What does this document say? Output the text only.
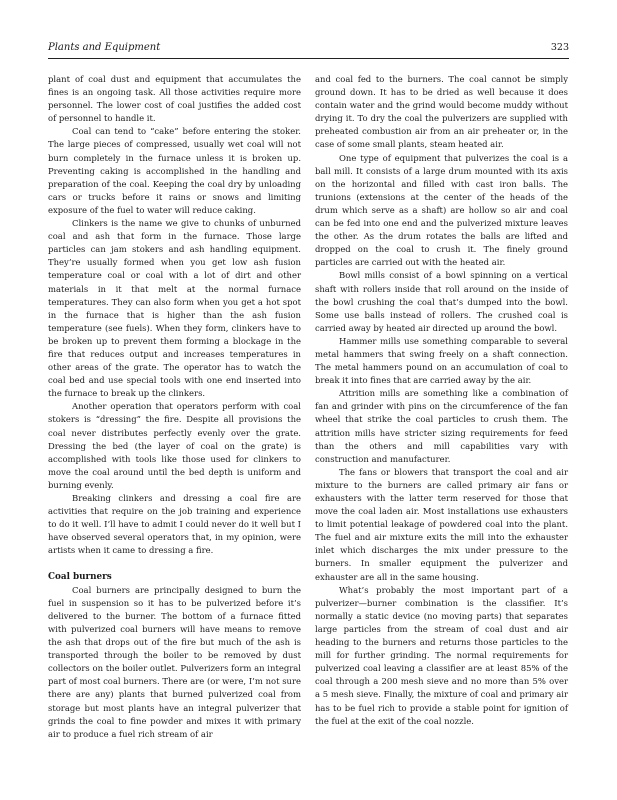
Plants and Equipment	323

plant of coal dust and equipment that accumulates the fines is an ongoing task. All those activities require more personnel. The lower cost of coal justifies the added cost of personnel to handle it.

Coal can tend to “cake” before entering the stoker. The large pieces of compressed, usually wet coal will not burn completely in the furnace unless it is broken up. Preventing caking is accomplished in the handling and preparation of the coal. Keeping the coal dry by unloading cars or trucks before it rains or snows and limiting exposure of the fuel to water will reduce caking.

Clinkers is the name we give to chunks of unburned coal and ash that form in the furnace. Those large particles can jam stokers and ash handling equipment. They’re usually formed when you get low ash fusion temperature coal or coal with a lot of dirt and other materials in it that melt at the normal furnace temperatures. They can also form when you get a hot spot in the furnace that is higher than the ash fusion temperature (see fuels). When they form, clinkers have to be broken up to prevent them forming a blockage in the fire that reduces output and increases temperatures in other areas of the grate. The operator has to watch the coal bed and use special tools with one end inserted into the furnace to break up the clinkers.

Another operation that operators perform with coal stokers is “dressing” the fire. Despite all provisions the coal never distributes perfectly evenly over the grate. Dressing the bed (the layer of coal on the grate) is accomplished with tools like those used for clinkers to move the coal around until the bed depth is uniform and burning evenly.

Breaking clinkers and dressing a coal fire are activities that require on the job training and experience to do it well. I’ll have to admit I could never do it well but I have observed several operators that, in my opinion, were artists when it came to dressing a fire.

Coal burners

Coal burners are principally designed to burn the fuel in suspension so it has to be pulverized before it’s delivered to the burner. The bottom of a furnace fitted with pulverized coal burners will have means to remove the ash that drops out of the fire but much of the ash is transported through the boiler to be removed by dust collectors on the boiler outlet. Pulverizers form an integral part of most coal burners. There are (or were, I’m not sure there are any) plants that burned pulverized coal from storage but most plants have an integral pulverizer that grinds the coal to fine powder and mixes it with primary air to produce a fuel rich stream of air

and coal fed to the burners. The coal cannot be simply ground down. It has to be dried as well because it does contain water and the grind would become muddy without drying it. To dry the coal the pulverizers are supplied with preheated combustion air from an air preheater or, in the case of some small plants, steam heated air.

One type of equipment that pulverizes the coal is a ball mill. It consists of a large drum mounted with its axis on the horizontal and filled with cast iron balls. The trunions (extensions at the center of the heads of the drum which serve as a shaft) are hollow so air and coal can be fed into one end and the pulverized mixture leaves the other. As the drum rotates the balls are lifted and dropped on the coal to crush it. The finely ground particles are carried out with the heated air.

Bowl mills consist of a bowl spinning on a vertical shaft with rollers inside that roll around on the inside of the bowl crushing the coal that’s dumped into the bowl. Some use balls instead of rollers. The crushed coal is carried away by heated air directed up around the bowl.

Hammer mills use something comparable to several metal hammers that swing freely on a shaft connection. The metal hammers pound on an accumulation of coal to break it into fines that are carried away by the air.

Attrition mills are something like a combination of fan and grinder with pins on the circumference of the fan wheel that strike the coal particles to crush them. The attrition mills have stricter sizing requirements for feed than the others and mill capabilities vary with construction and manufacturer.

The fans or blowers that transport the coal and air mixture to the burners are called primary air fans or exhausters with the latter term reserved for those that move the coal laden air. Most installations use exhausters to limit potential leakage of powdered coal into the plant. The fuel and air mixture exits the mill into the exhauster inlet which discharges the mix under pressure to the burners. In smaller equipment the pulverizer and exhauster are all in the same housing.

What’s probably the most important part of a pulverizer—burner combination is the classifier. It’s normally a static device (no moving parts) that separates large particles from the stream of coal dust and air heading to the burners and returns those particles to the mill for further grinding. The normal requirements for pulverized coal leaving a classifier are at least 85% of the coal through a 200 mesh sieve and no more than 5% over a 5 mesh sieve. Finally, the mixture of coal and primary air has to be fuel rich to provide a stable point for ignition of the fuel at the exit of the coal nozzle.
